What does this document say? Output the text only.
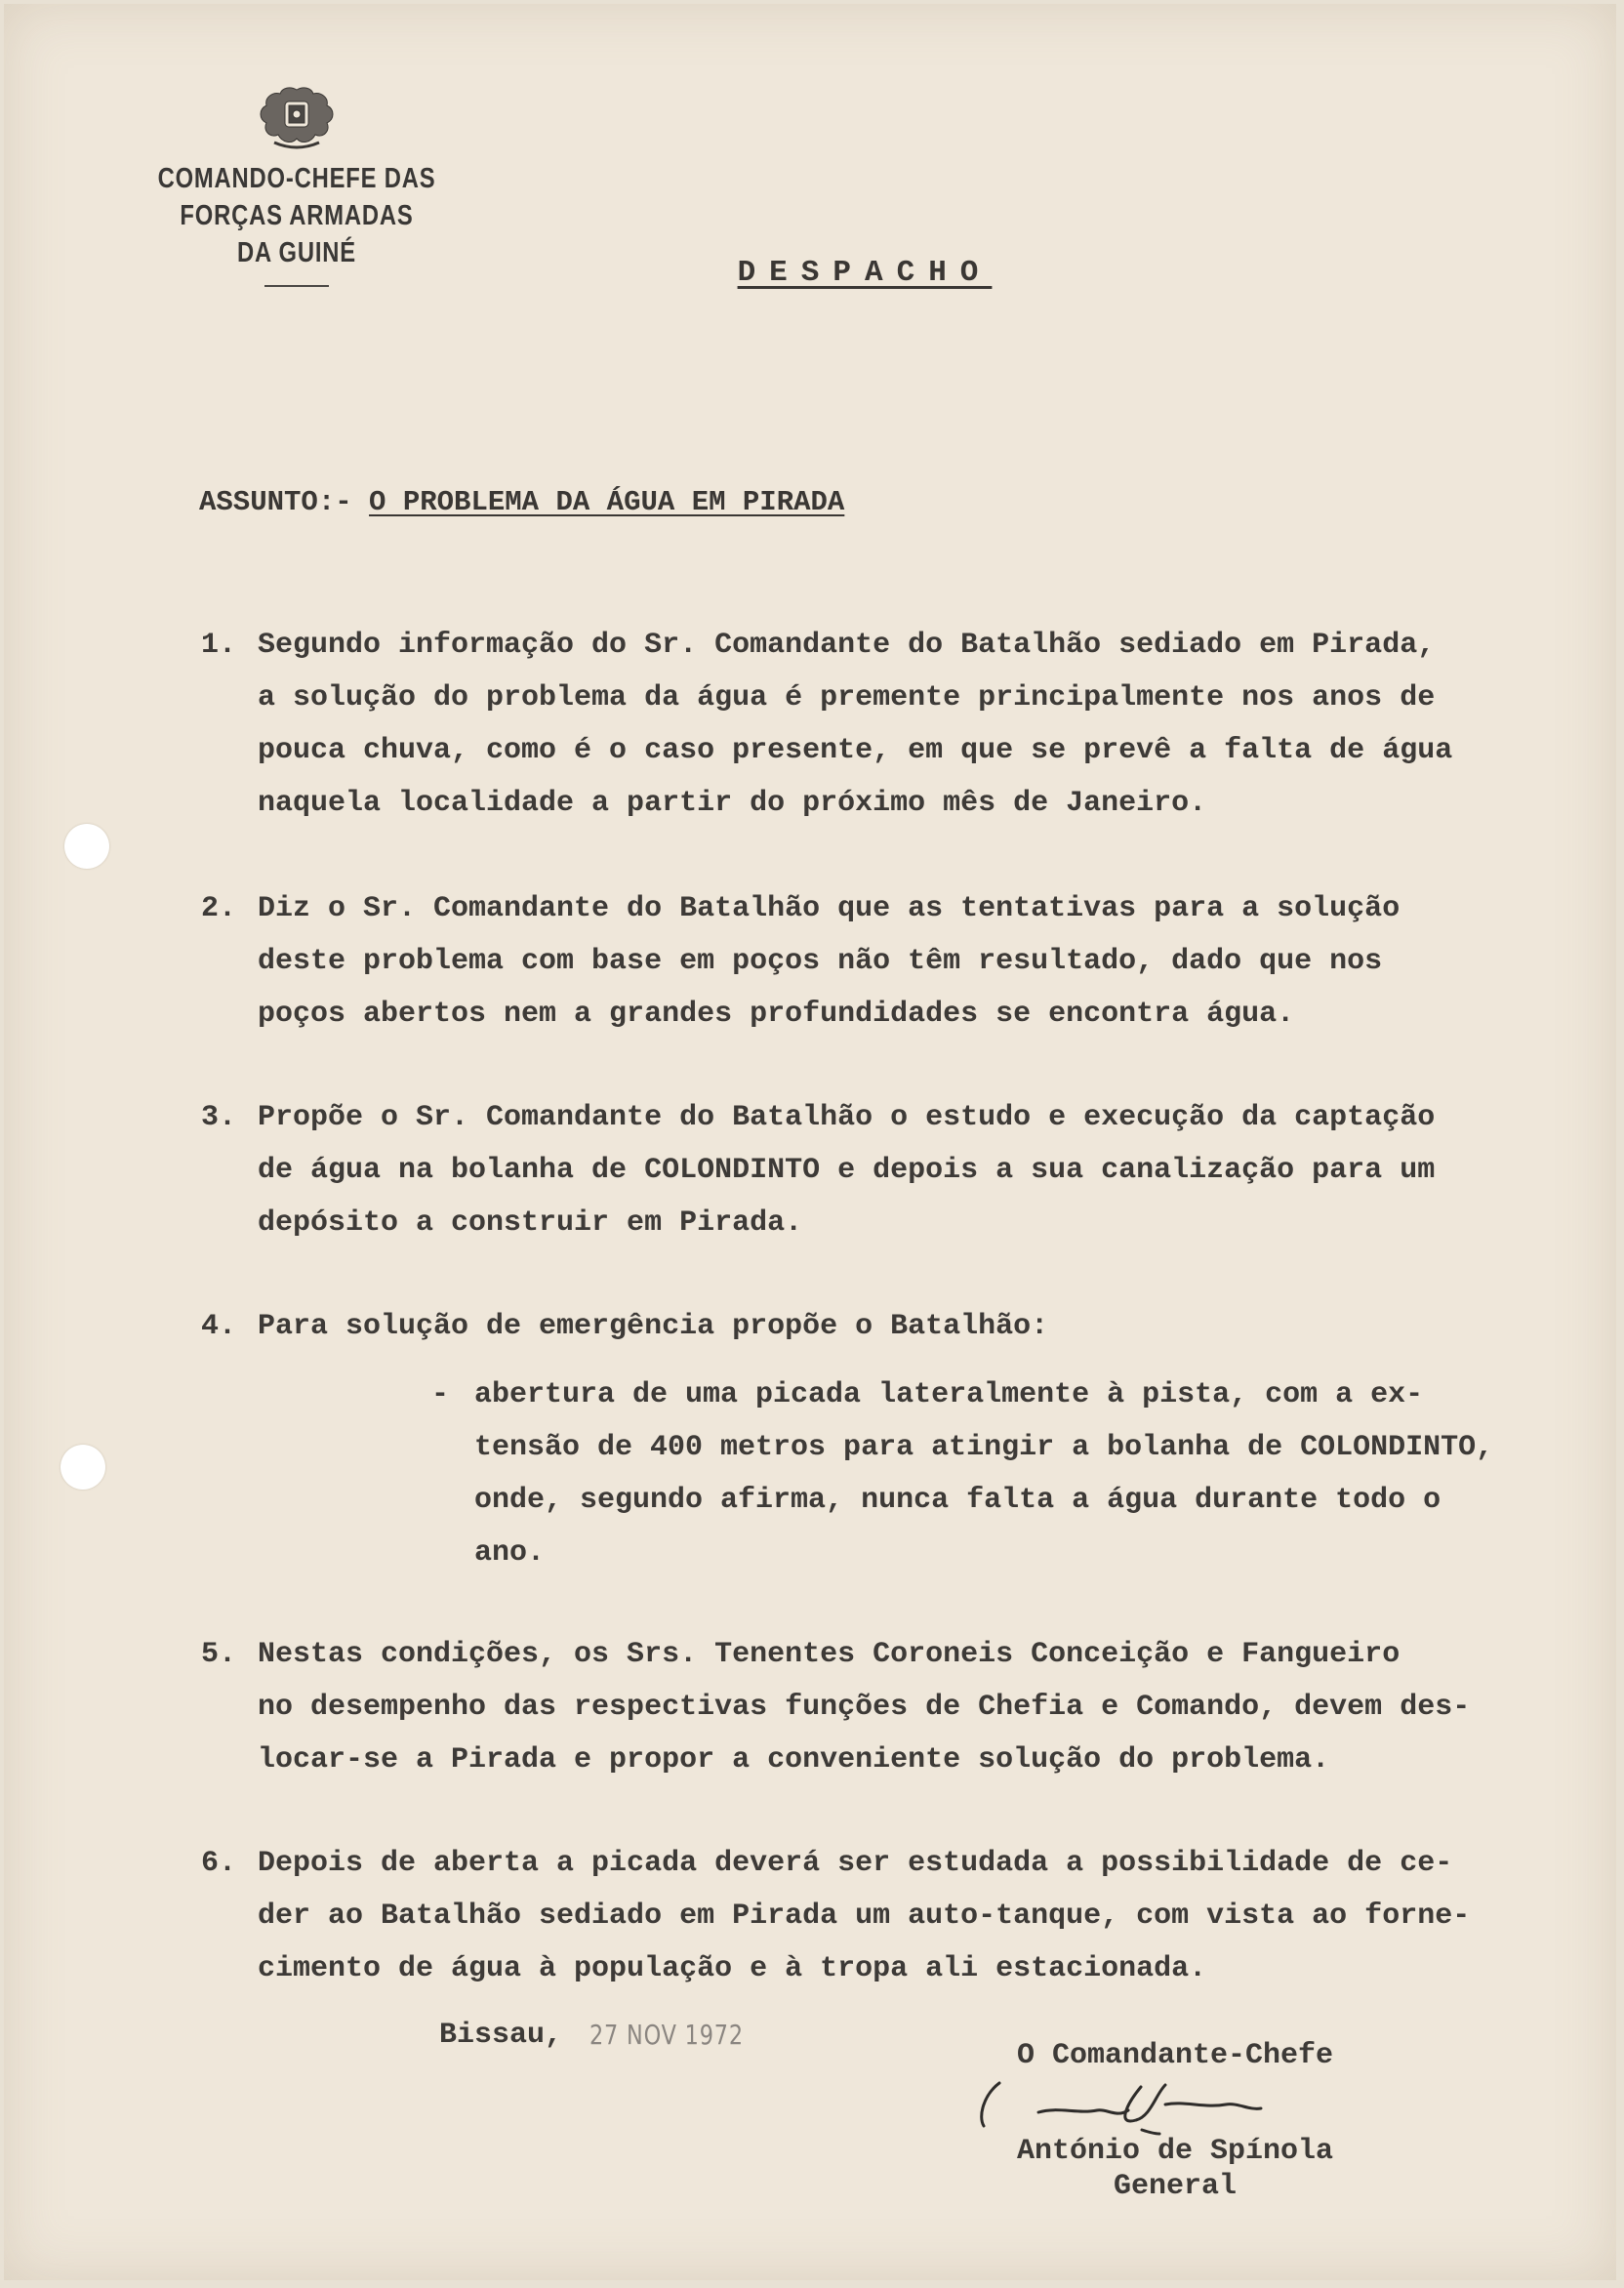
COMANDO-CHEFE DAS FORÇAS ARMADAS
DA GUINÉ
DESPACHO
ASSUNTO:- O PROBLEMA DA ÁGUA EM PIRADA
1. Segundo informação do Sr. Comandante do Batalhão sediado em Pirada,
a solução do problema da água é premente principalmente nos anos de
pouca chuva, como é o caso presente, em que se prevê a falta de água
naquela localidade a partir do próximo mês de Janeiro.
2. Diz o Sr. Comandante do Batalhão que as tentativas para a solução
deste problema com base em poços não têm resultado, dado que nos
poços abertos nem a grandes profundidades se encontra água.
3. Propõe o Sr. Comandante do Batalhão o estudo e execução da captação
de água na bolanha de COLONDINTO e depois a sua canalização para um
depósito a construir em Pirada.
4. Para solução de emergência propõe o Batalhão:
- abertura de uma picada lateralmente à pista, com a ex-
tensão de 400 metros para atingir a bolanha de COLONDINTO,
onde, segundo afirma, nunca falta a água durante todo o
ano.
5. Nestas condições, os Srs. Tenentes Coroneis Conceição e Fangueiro
no desempenho das respectivas funções de Chefia e Comando, devem des-
locar-se a Pirada e propor a conveniente solução do problema.
6. Depois de aberta a picada deverá ser estudada a possibilidade de ce-
der ao Batalhão sediado em Pirada um auto-tanque, com vista ao forne-
cimento de água à população e à tropa ali estacionada.
Bissau, 27 NOV 1972
O Comandante-Chefe
António de Spínola
General
